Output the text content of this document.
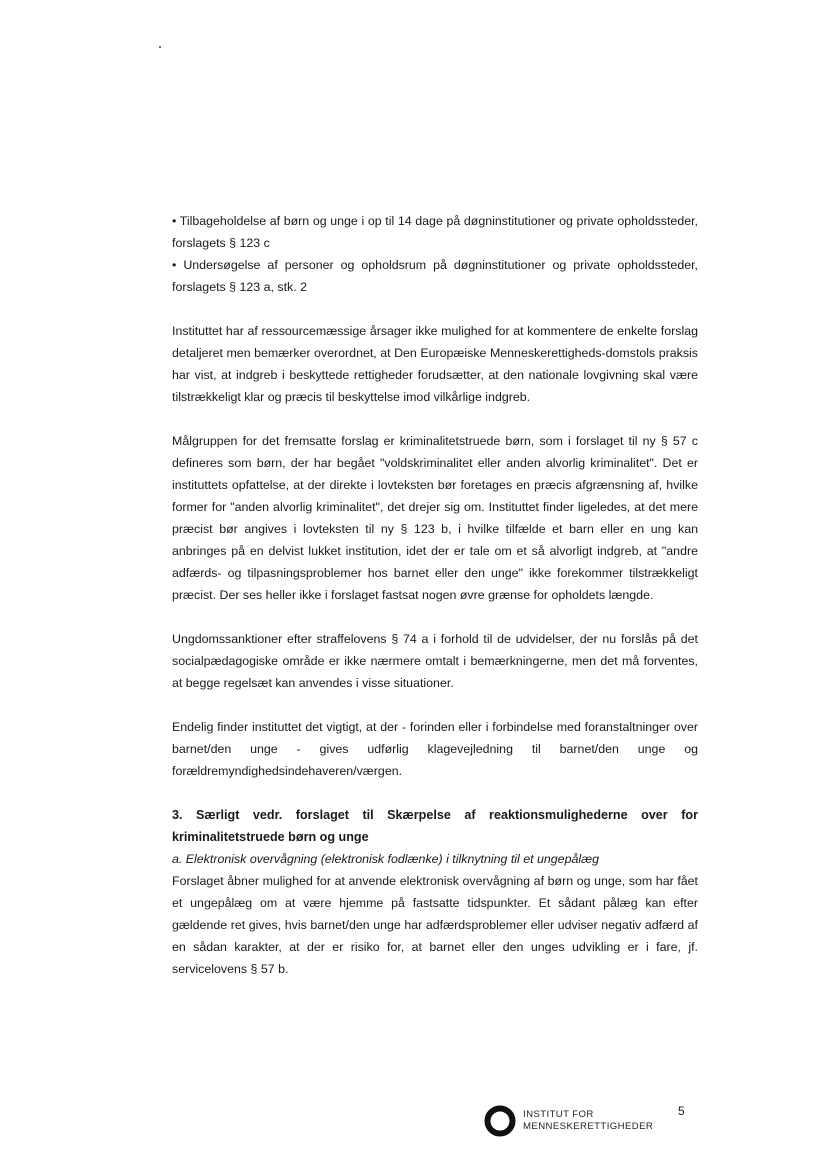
• Tilbageholdelse af børn og unge i op til 14 dage på døgninstitutioner og private opholdssteder, forslagets § 123 c

• Undersøgelse af personer og opholdsrum på døgninstitutioner og private opholdssteder, forslagets § 123 a, stk. 2

Instituttet har af ressourcemæssige årsager ikke mulighed for at kommentere de enkelte forslag detaljeret men bemærker overordnet, at Den Europæiske Menneskerettigheds-domstols praksis har vist, at indgreb i beskyttede rettigheder forudsætter, at den nationale lovgivning skal være tilstrækkeligt klar og præcis til beskyttelse imod vilkårlige indgreb.

Målgruppen for det fremsatte forslag er kriminalitetstruede børn, som i forslaget til ny § 57 c defineres som børn, der har begået "voldskriminalitet eller anden alvorlig kriminalitet". Det er instituttets opfattelse, at der direkte i lovteksten bør foretages en præcis afgrænsning af, hvilke former for "anden alvorlig kriminalitet", det drejer sig om. Instituttet finder ligeledes, at det mere præcist bør angives i lovteksten til ny § 123 b, i hvilke tilfælde et barn eller en ung kan anbringes på en delvist lukket institution, idet der er tale om et så alvorligt indgreb, at "andre adfærds- og tilpasningsproblemer hos barnet eller den unge" ikke forekommer tilstrækkeligt præcist. Der ses heller ikke i forslaget fastsat nogen øvre grænse for opholdets længde.

Ungdomssanktioner efter straffelovens § 74 a i forhold til de udvidelser, der nu forslås på det socialpædagogiske område er ikke nærmere omtalt i bemærkningerne, men det må forventes, at begge regelsæt kan anvendes i visse situationer.

Endelig finder instituttet det vigtigt, at der - forinden eller i forbindelse med foranstaltninger over barnet/den unge - gives udførlig klagevejledning til barnet/den unge og forældremyndighedsindehaveren/værgen.

3. Særligt vedr. forslaget til Skærpelse af reaktionsmulighederne over for kriminalitetstruede børn og unge

a. Elektronisk overvågning (elektronisk fodlænke) i tilknytning til et ungepålæg

Forslaget åbner mulighed for at anvende elektronisk overvågning af børn og unge, som har fået et ungepålæg om at være hjemme på fastsatte tidspunkter. Et sådant pålæg kan efter gældende ret gives, hvis barnet/den unge har adfærdsproblemer eller udviser negativ adfærd af en sådan karakter, at der er risiko for, at barnet eller den unges udvikling er i fare, jf. servicelovens § 57 b.

INSTITUT FOR
MENNESKERETTIGHEDER
5
